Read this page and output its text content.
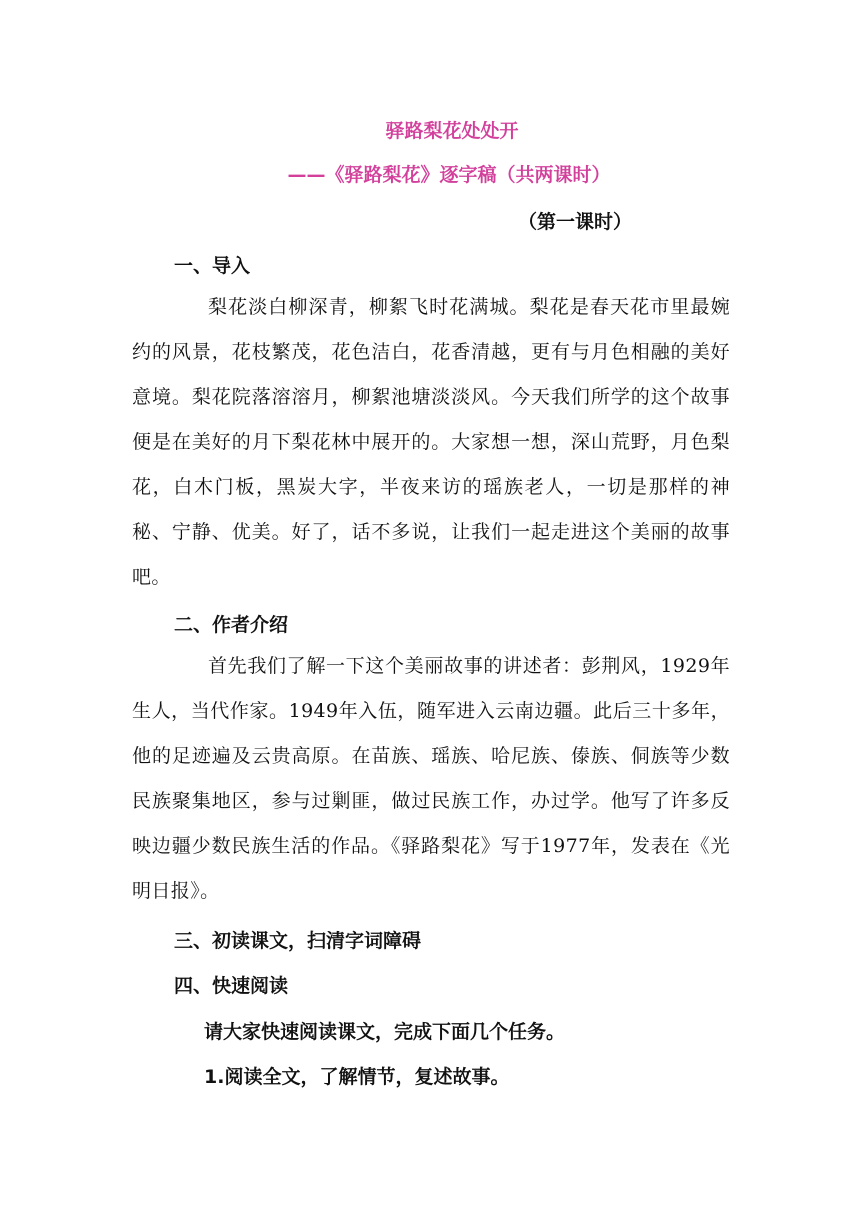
驿路梨花处处开
——《驿路梨花》逐字稿（共两课时）
（第一课时）
一、导入
梨花淡白柳深青，柳絮飞时花满城。梨花是春天花市里最婉约的风景，花枝繁茂，花色洁白，花香清越，更有与月色相融的美好意境。梨花院落溶溶月，柳絮池塘淡淡风。今天我们所学的这个故事便是在美好的月下梨花林中展开的。大家想一想，深山荒野，月色梨花，白木门板，黑炭大字，半夜来访的瑶族老人，一切是那样的神秘、宁静、优美。好了，话不多说，让我们一起走进这个美丽的故事吧。
二、作者介绍
首先我们了解一下这个美丽故事的讲述者：彭荆风，1929年生人，当代作家。1949年入伍，随军进入云南边疆。此后三十多年，他的足迹遍及云贵高原。在苗族、瑶族、哈尼族、傣族、侗族等少数民族聚集地区，参与过剿匪，做过民族工作，办过学。他写了许多反映边疆少数民族生活的作品。《驿路梨花》写于1977年，发表在《光明日报》。
三、初读课文，扫清字词障碍
四、快速阅读
请大家快速阅读课文，完成下面几个任务。
1.阅读全文，了解情节，复述故事。
